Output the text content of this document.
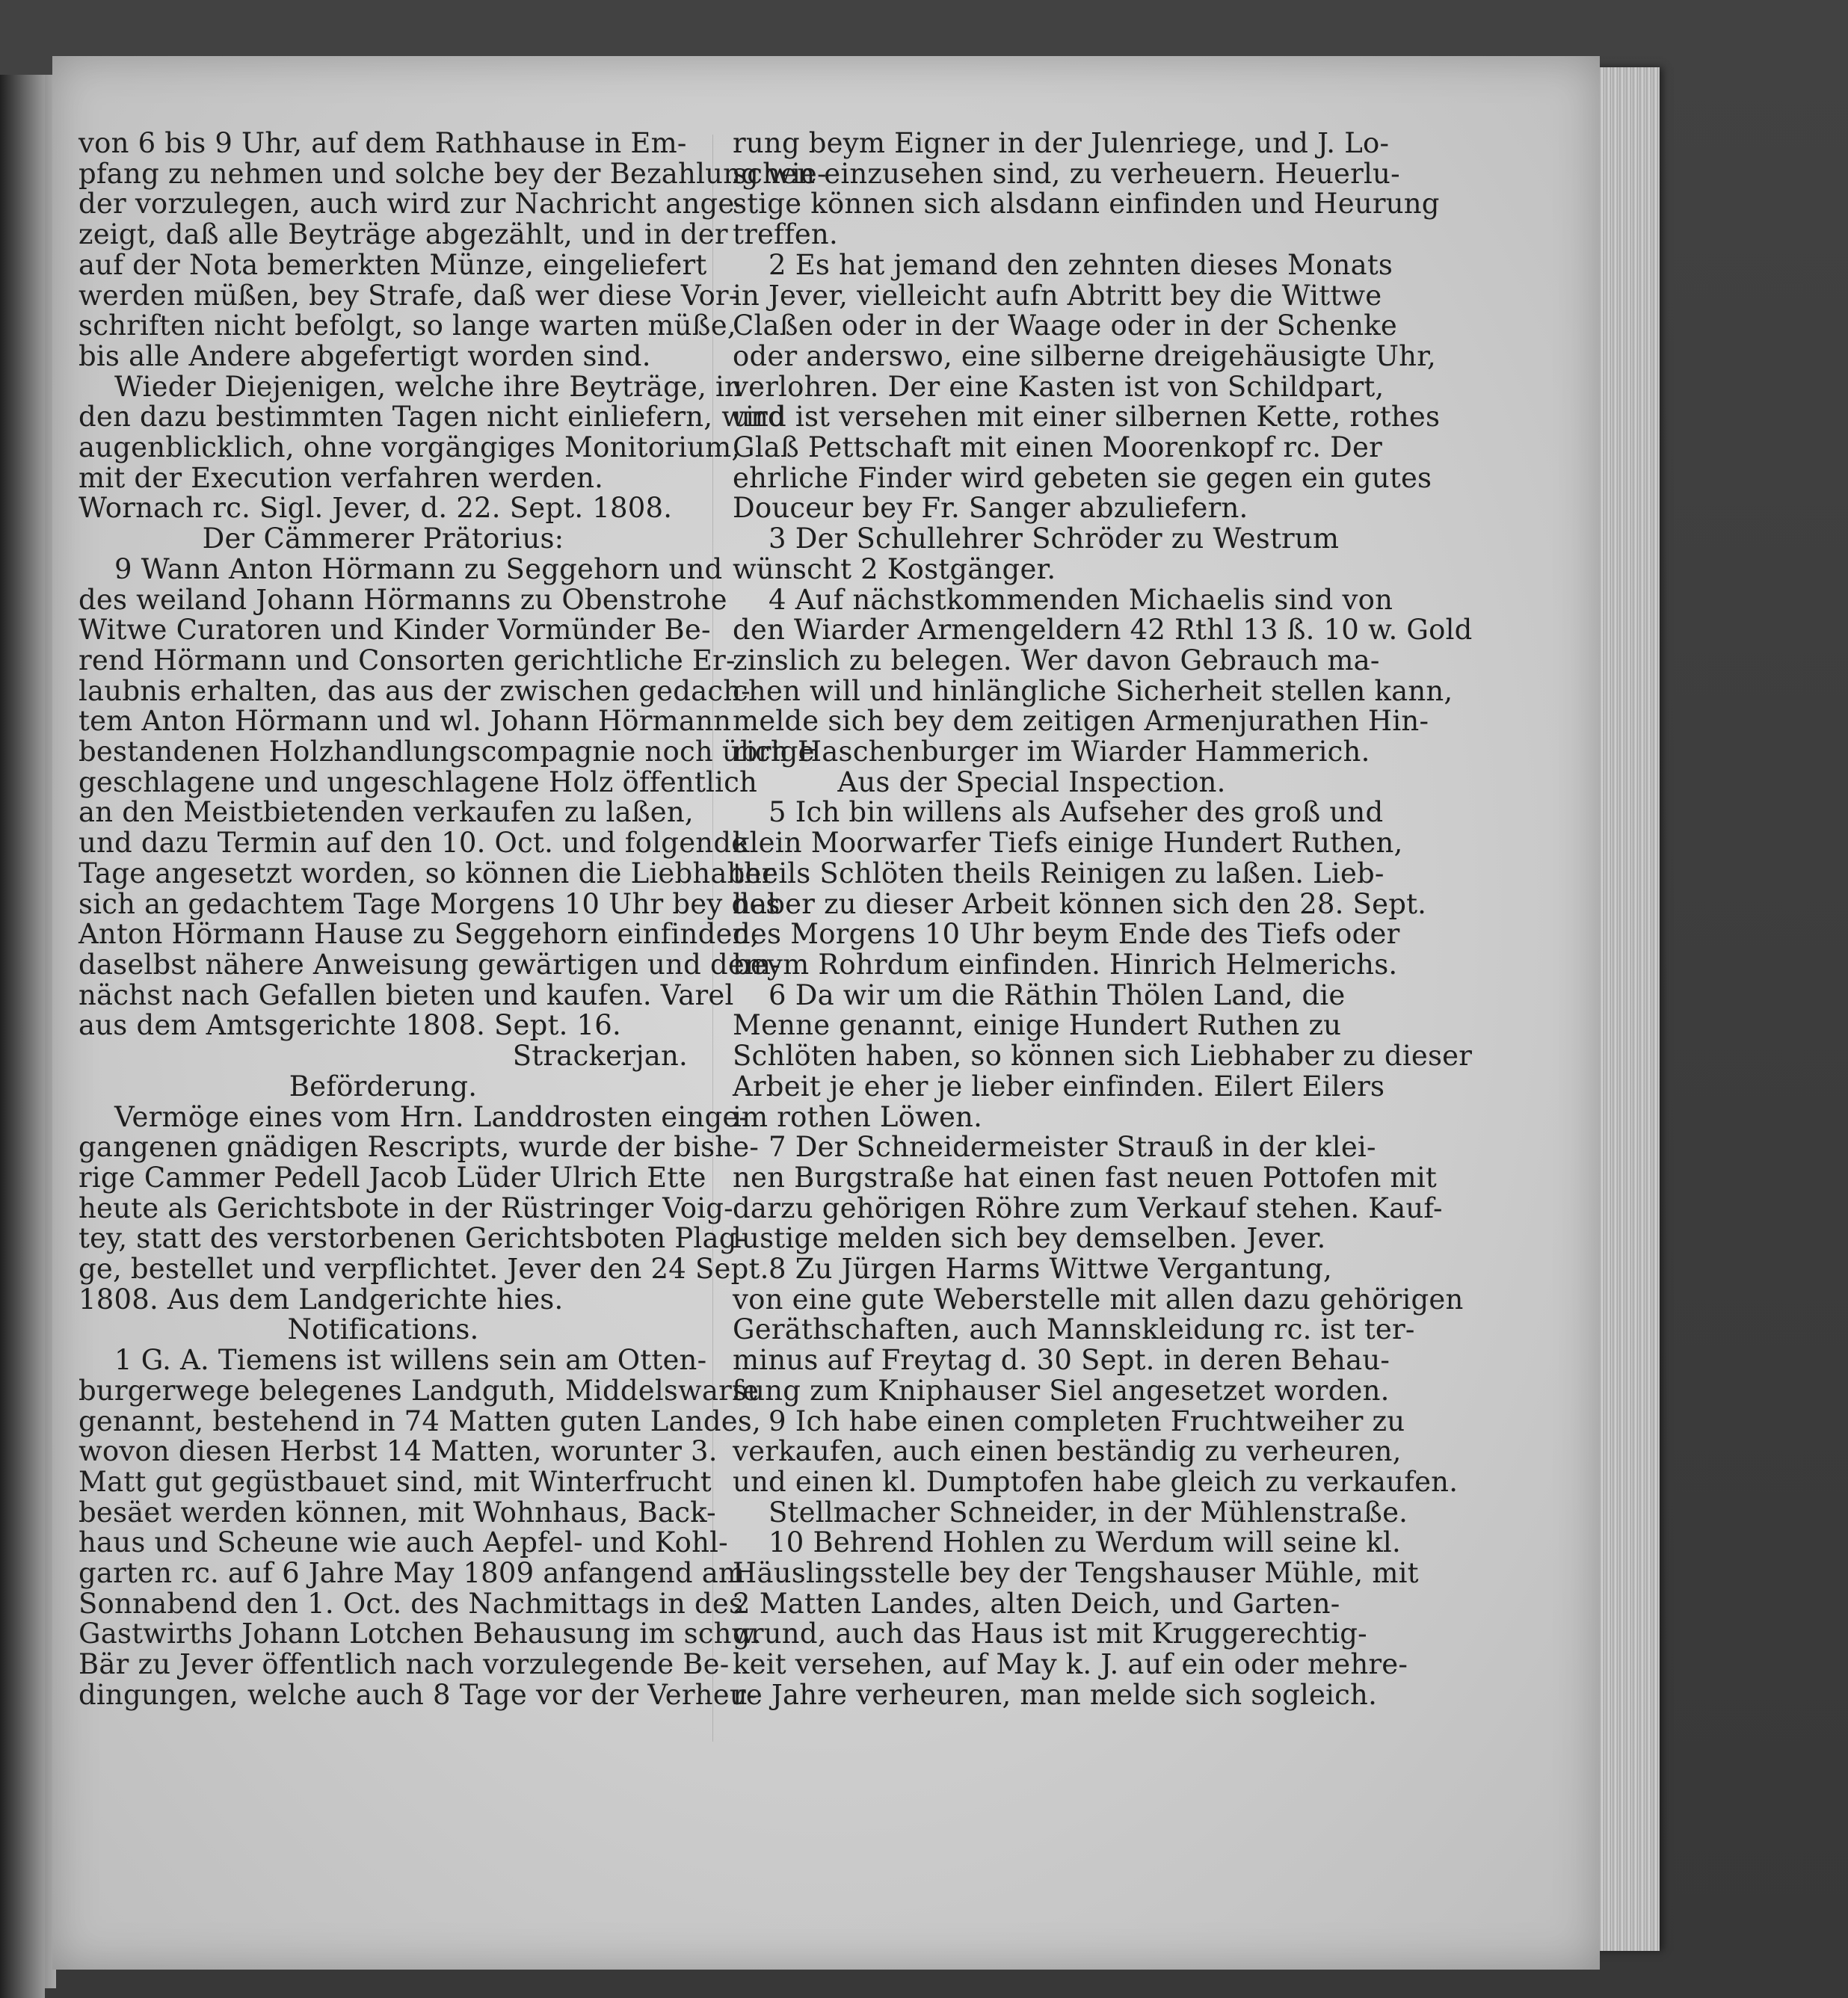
von 6 bis 9 Uhr, auf dem Rathhause in Em-
pfang zu nehmen und solche bey der Bezahlung wie-
der vorzulegen, auch wird zur Nachricht ange-
zeigt, daß alle Beyträge abgezählt, und in der
auf der Nota bemerkten Münze, eingeliefert
werden müßen, bey Strafe, daß wer diese Vor-
schriften nicht befolgt, so lange warten müße,
bis alle Andere abgefertigt worden sind.
Wieder Diejenigen, welche ihre Beyträge, in
den dazu bestimmten Tagen nicht einliefern, wird
augenblicklich, ohne vorgängiges Monitorium,
mit der Execution verfahren werden.
Wornach rc. Sigl. Jever, d. 22. Sept. 1808.
Der Cämmerer Prätorius:
9 Wann Anton Hörmann zu Seggehorn und
des weiland Johann Hörmanns zu Obenstrohe
Witwe Curatoren und Kinder Vormünder Be-
rend Hörmann und Consorten gerichtliche Er-
laubnis erhalten, das aus der zwischen gedach-
tem Anton Hörmann und wl. Johann Hörmann
bestandenen Holzhandlungscompagnie noch übrige
geschlagene und ungeschlagene Holz öffentlich
an den Meistbietenden verkaufen zu laßen,
und dazu Termin auf den 10. Oct. und folgende
Tage angesetzt worden, so können die Liebhaber
sich an gedachtem Tage Morgens 10 Uhr bey des
Anton Hörmann Hause zu Seggehorn einfinden,
daselbst nähere Anweisung gewärtigen und dem-
nächst nach Gefallen bieten und kaufen. Varel
aus dem Amtsgerichte 1808. Sept. 16.
Strackerjan.
Beförderung.
Vermöge eines vom Hrn. Landdrosten einge-
gangenen gnädigen Rescripts, wurde der bishe-
rige Cammer Pedell Jacob Lüder Ulrich Ette
heute als Gerichtsbote in der Rüstringer Voig-
tey, statt des verstorbenen Gerichtsboten Plag-
ge, bestellet und verpflichtet. Jever den 24 Sept.
1808. Aus dem Landgerichte hies.
Notifications.
1 G. A. Tiemens ist willens sein am Otten-
burgerwege belegenes Landguth, Middelswarfe
genannt, bestehend in 74 Matten guten Landes,
wovon diesen Herbst 14 Matten, worunter 3.
Matt gut gegüstbauet sind, mit Winterfrucht
besäet werden können, mit Wohnhaus, Back-
haus und Scheune wie auch Aepfel- und Kohl-
garten rc. auf 6 Jahre May 1809 anfangend am
Sonnabend den 1. Oct. des Nachmittags in des
Gastwirths Johann Lotchen Behausung im schw.
Bär zu Jever öffentlich nach vorzulegende Be-
dingungen, welche auch 8 Tage vor der Verheu-
rung beym Eigner in der Julenriege, und J. Lo-
schen einzusehen sind, zu verheuern. Heuerlu-
stige können sich alsdann einfinden und Heurung
treffen.
2 Es hat jemand den zehnten dieses Monats
in Jever, vielleicht aufn Abtritt bey die Wittwe
Claßen oder in der Waage oder in der Schenke
oder anderswo, eine silberne dreigehäusigte Uhr,
verlohren. Der eine Kasten ist von Schildpart,
und ist versehen mit einer silbernen Kette, rothes
Glaß Pettschaft mit einen Moorenkopf rc. Der
ehrliche Finder wird gebeten sie gegen ein gutes
Douceur bey Fr. Sanger abzuliefern.
3 Der Schullehrer Schröder zu Westrum
wünscht 2 Kostgänger.
4 Auf nächstkommenden Michaelis sind von
den Wiarder Armengeldern 42 Rthl 13 ß. 10 w. Gold
zinslich zu belegen. Wer davon Gebrauch ma-
chen will und hinlängliche Sicherheit stellen kann,
melde sich bey dem zeitigen Armenjurathen Hin-
rich Haschenburger im Wiarder Hammerich.
Aus der Special Inspection.
5 Ich bin willens als Aufseher des groß und
klein Moorwarfer Tiefs einige Hundert Ruthen,
theils Schlöten theils Reinigen zu laßen. Lieb-
haber zu dieser Arbeit können sich den 28. Sept.
des Morgens 10 Uhr beym Ende des Tiefs oder
beym Rohrdum einfinden. Hinrich Helmerichs.
6 Da wir um die Räthin Thölen Land, die
Menne genannt, einige Hundert Ruthen zu
Schlöten haben, so können sich Liebhaber zu dieser
Arbeit je eher je lieber einfinden. Eilert Eilers
im rothen Löwen.
7 Der Schneidermeister Strauß in der klei-
nen Burgstraße hat einen fast neuen Pottofen mit
darzu gehörigen Röhre zum Verkauf stehen. Kauf-
lustige melden sich bey demselben. Jever.
8 Zu Jürgen Harms Wittwe Vergantung,
von eine gute Weberstelle mit allen dazu gehörigen
Geräthschaften, auch Mannskleidung rc. ist ter-
minus auf Freytag d. 30 Sept. in deren Behau-
sung zum Kniphauser Siel angesetzet worden.
9 Ich habe einen completen Fruchtweiher zu
verkaufen, auch einen beständig zu verheuren,
und einen kl. Dumptofen habe gleich zu verkaufen.
Stellmacher Schneider, in der Mühlenstraße.
10 Behrend Hohlen zu Werdum will seine kl.
Häuslingsstelle bey der Tengshauser Mühle, mit
2 Matten Landes, alten Deich, und Garten-
grund, auch das Haus ist mit Kruggerechtig-
keit versehen, auf May k. J. auf ein oder mehre-
re Jahre verheuren, man melde sich sogleich.
